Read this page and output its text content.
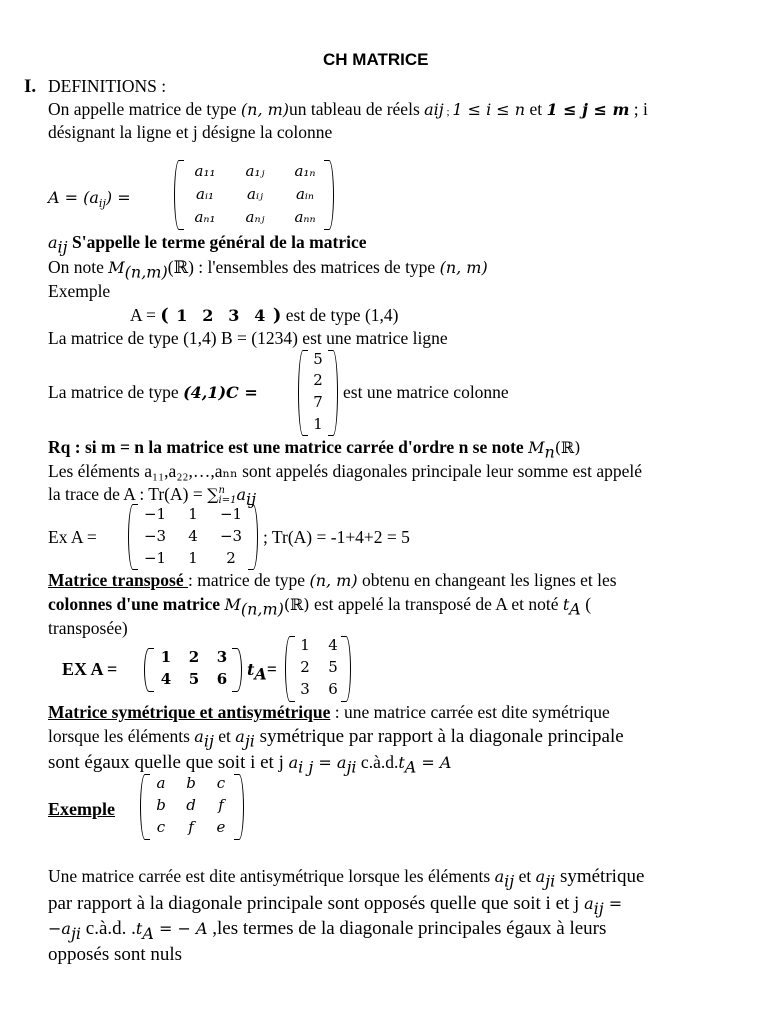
CH MATRICE
I. DEFINITIONS :
On appelle matrice de type (n, m)un tableau de réels aij ; 1 ≤ i ≤ n et 1 ≤ j ≤ m ; i
désignant la ligne et j désigne la colonne
$A = (a_{ij})$ =
a₁₁	a₁ⱼ	a₁ₙ
aᵢ₁	aᵢⱼ	aᵢₙ
aₙ₁	aₙⱼ	aₙₙ
$a_{ij}$ S'appelle le terme général de la matrice
On note $M_{(n,m)}(ℝ)$ : l'ensembles des matrices de type (n, m)
Exemple
A = ( 1 2 3 4 ) est de type (1,4)
La matrice de type (1,4) B = (1234) est une matrice ligne
La matrice de type (4,1)C =
5
2
7
1
est une matrice colonne
Rq : si m = n la matrice est une matrice carrée d'ordre n se note $M_n(ℝ)$
Les éléments a₁₁,a₂₂,…,aₙₙ sont appelés diagonales principale leur somme est appelé
la trace de A : Tr(A) = ∑ n
i=1 $a_{ij}$
Ex A =
−1	1	−1
−3	4	−3
−1	1	2
; Tr(A) = -1+4+2 = 5
Matrice transposé : matrice de type (n, m) obtenu en changeant les lignes et les
colonnes d'une matrice $M_{(n,m)}(ℝ)$ est appelé la transposé de A et noté $t_A$ (
transposée)
EX A =
1	2	3
4	5	6	$t_A=$
1	4
2	5
3	6
Matrice symétrique et antisymétrique : une matrice carrée est dite symétrique
lorsque les éléments $a_{ij}$ et $a_{ji}$ symétrique par rapport à la diagonale principale
sont égaux quelle que soit i et j $a_{i j} = a_{ji}$ $c.à.d.t_A = A$
Exemple
a	b	c
b	d	f
c	f	e
Une matrice carrée est dite antisymétrique lorsque les éléments $a_{ij}$ et $a_{ji}$ symétrique
par rapport à la diagonale principale sont opposés quelle que soit i et j $a_{ij}$ =
$-a_{ji}$ c.à.d. $.t_A$ = − A ,les termes de la diagonale principales égaux à leurs
opposés sont nuls
